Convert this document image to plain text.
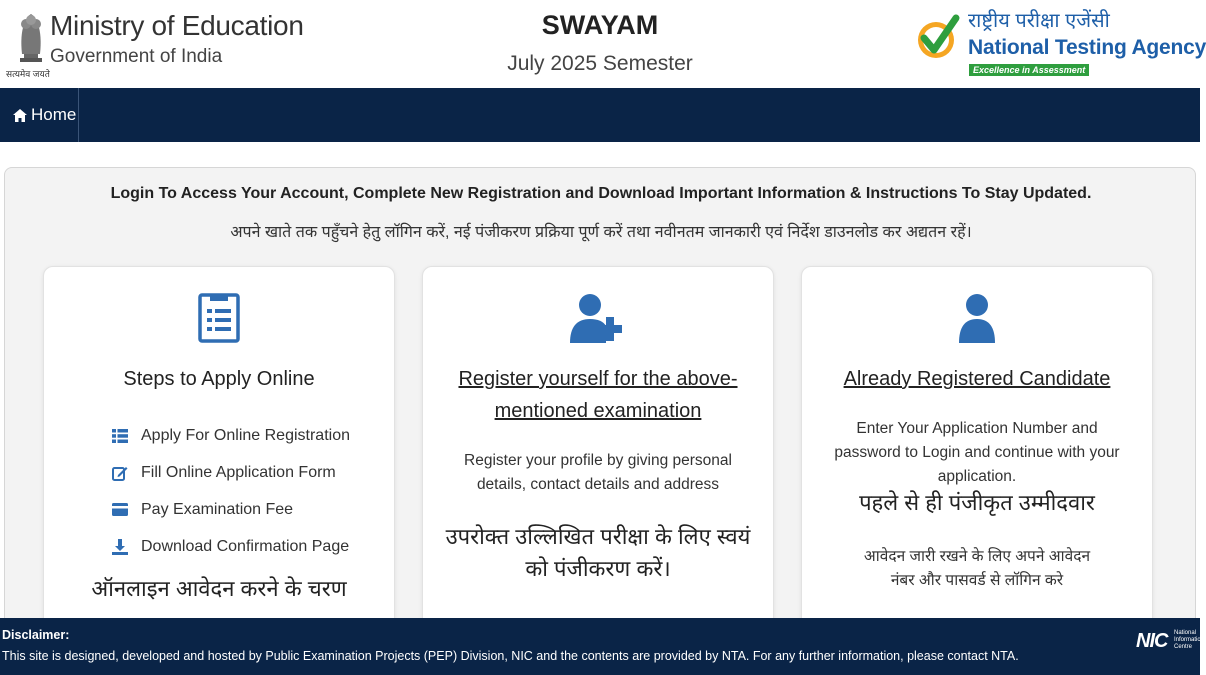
सत्यमेव जयते
Ministry of Education
Government of India
SWAYAM
July 2025 Semester
राष्ट्रीय परीक्षा एजेंसी
National Testing Agency
Excellence in Assessment
Home
Login To Access Your Account, Complete New Registration and Download Important Information & Instructions To Stay Updated.
अपने खाते तक पहुँचने हेतु लॉगिन करें, नई पंजीकरण प्रक्रिया पूर्ण करें तथा नवीनतम जानकारी एवं निर्देश डाउनलोड कर अद्यतन रहें।
Steps to Apply Online
Apply For Online Registration
Fill Online Application Form
Pay Examination Fee
Download Confirmation Page
ऑनलाइन आवेदन करने के चरण
Register yourself for the above-mentioned examination
Register your profile by giving personal details, contact details and address
उपरोक्त उल्लिखित परीक्षा के लिए स्वयं को पंजीकरण करें।
Already Registered Candidate
Enter Your Application Number and password to Login and continue with your application.
पहले से ही पंजीकृत उम्मीदवार
आवेदन जारी रखने के लिए अपने आवेदन नंबर और पासवर्ड से लॉगिन करे
Disclaimer:
This site is designed, developed and hosted by Public Examination Projects (PEP) Division, NIC and the contents are provided by NTA. For any further information, please contact NTA.
NIC National Informatics Centre
